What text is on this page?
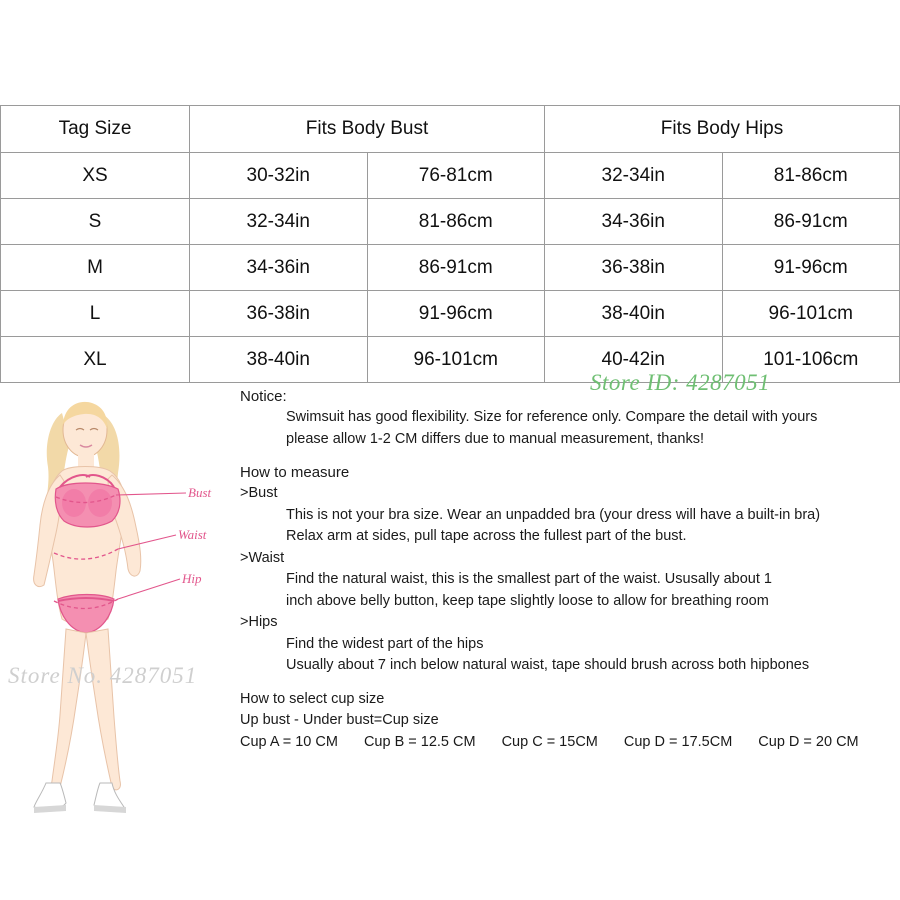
Tag Size	Fits Body Bust		Fits Body Hips	
XS	30-32in	76-81cm	32-34in	81-86cm
S	32-34in	81-86cm	34-36in	86-91cm
M	34-36in	86-91cm	36-38in	91-96cm
L	36-38in	91-96cm	38-40in	96-101cm
XL	38-40in	96-101cm	40-42in	101-106cm
Bust
Waist
Hip

Notice:

Swimsuit has good flexibility. Size for reference only. Compare the detail with yours

please allow 1-2 CM differs due to manual measurement, thanks!

How to measure

>Bust

This is not your bra size. Wear an unpadded bra (your dress will have a built-in bra)

Relax arm at sides, pull tape across the fullest part of the bust.

>Waist

Find the natural waist, this is the smallest part of the waist. Ususally about 1

inch above belly button, keep tape slightly loose to allow for breathing room

>Hips

Find the widest part of the hips

Usually about 7 inch below natural waist, tape should brush across both hipbones

How to select cup size

Up bust - Under bust=Cup size

Cup A = 10 CM Cup B = 12.5 CM Cup C = 15CM Cup D = 17.5CM Cup D = 20 CM
Store ID: 4287051
Store No. 4287051
